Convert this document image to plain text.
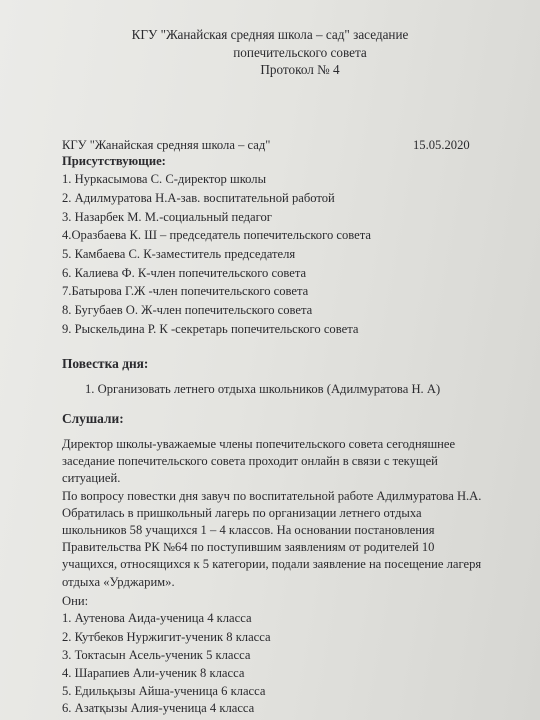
КГУ "Жанайская средняя школа – сад" заседание
попечительского совета
Протокол № 4
КГУ "Жанайская средняя школа – сад"	15.05.2020
Присутствующие:
1. Нуркасымова С. С-директор школы
2. Адилмуратова Н.А-зав. воспитательной работой
3. Назарбек М. М.-социальный педагог
4.Оразбаева К. Ш – председатель попечительского совета
5. Камбаева С. К-заместитель председателя
6. Калиева Ф. К-член попечительского совета
7.Батырова Г.Ж -член попечительского совета
8. Бугубаев О. Ж-член попечительского совета
9. Рыскельдина Р. К -секретарь попечительского совета
Повестка дня:
1. Организовать летнего отдыха школьников (Адилмуратова Н. А)
Слушали:
Директор школы-уважаемые члены попечительского совета сегодняшнее
заседание попечительского совета проходит онлайн в связи с текущей
ситуацией.
По вопросу повестки дня завуч по воспитательной работе Адилмуратова Н.А.
Обратилась в пришкольный лагерь по организации летнего отдыха
школьников 58 учащихся 1 – 4 классов. На основании постановления
Правительства РК №64 по поступившим заявлениям от родителей 10
учащихся, относящихся к 5 категории, подали заявление на посещение лагеря
отдыха «Урджарим».
Они:
1. Аутенова Аида-ученица 4 класса
2. Кутбеков Нуржигит-ученик 8 класса
3. Токтасын Асель-ученик 5 класса
4. Шарапиев Али-ученик 8 класса
5. Едильқызы Айша-ученица 6 класса
6. Азатқызы Алия-ученица 4 класса
